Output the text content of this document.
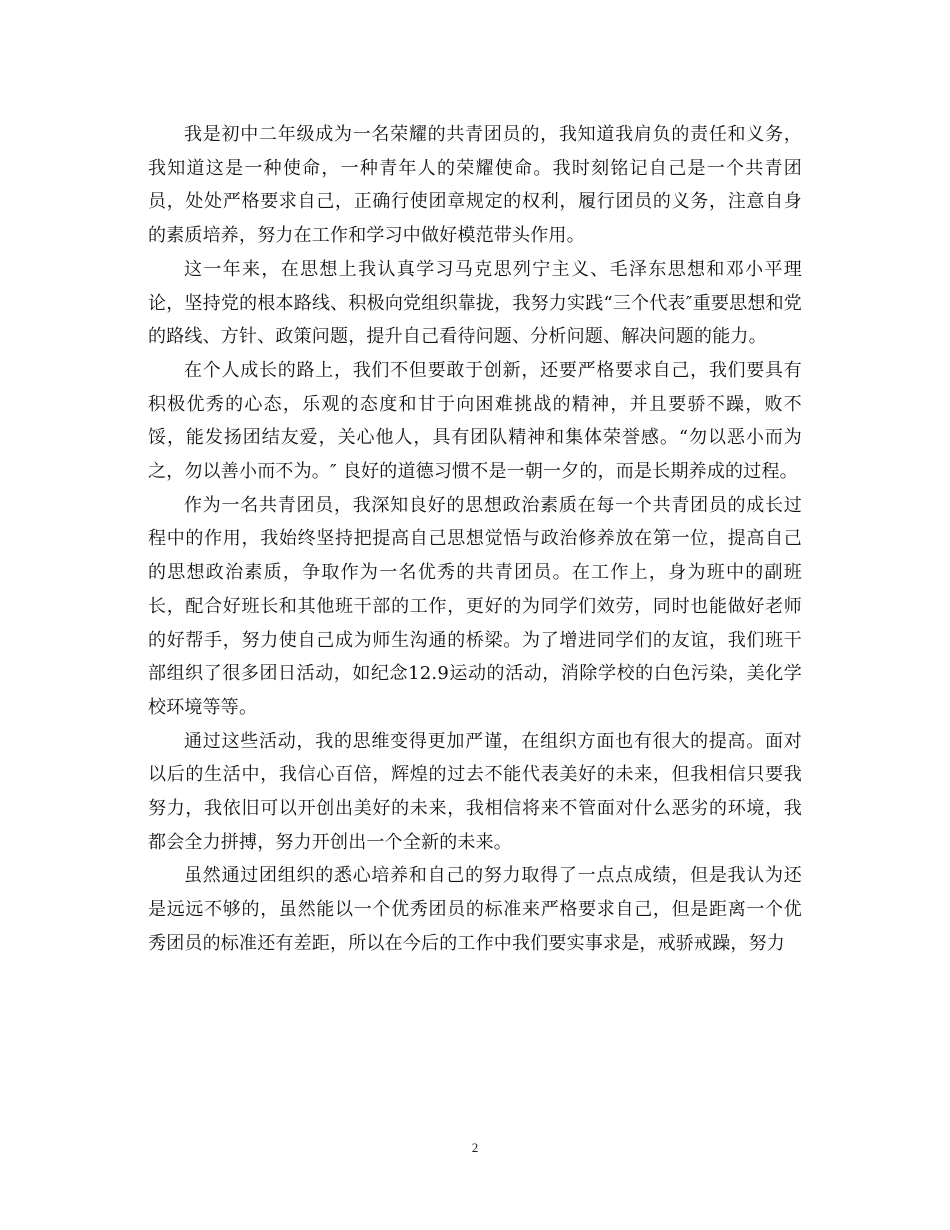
我是初中二年级成为一名荣耀的共青团员的，我知道我肩负的责任和义务，我知道这是一种使命，一种青年人的荣耀使命。我时刻铭记自己是一个共青团员，处处严格要求自己，正确行使团章规定的权利，履行团员的义务，注意自身的素质培养，努力在工作和学习中做好模范带头作用。

这一年来，在思想上我认真学习马克思列宁主义、毛泽东思想和邓小平理论，坚持党的根本路线、积极向党组织靠拢，我努力实践“三个代表″重要思想和党的路线、方针、政策问题，提升自己看待问题、分析问题、解决问题的能力。

在个人成长的路上，我们不但要敢于创新，还要严格要求自己，我们要具有积极优秀的心态，乐观的态度和甘于向困难挑战的精神，并且要骄不躁，败不馁，能发扬团结友爱，关心他人，具有团队精神和集体荣誉感。“勿以恶小而为之，勿以善小而不为。″ 良好的道德习惯不是一朝一夕的，而是长期养成的过程。

作为一名共青团员，我深知良好的思想政治素质在每一个共青团员的成长过程中的作用，我始终坚持把提高自己思想觉悟与政治修养放在第一位，提高自己的思想政治素质，争取作为一名优秀的共青团员。在工作上，身为班中的副班长，配合好班长和其他班干部的工作，更好的为同学们效劳，同时也能做好老师的好帮手，努力使自己成为师生沟通的桥梁。为了增进同学们的友谊，我们班干部组织了很多团日活动，如纪念12.9运动的活动，消除学校的白色污染，美化学校环境等等。

通过这些活动，我的思维变得更加严谨，在组织方面也有很大的提高。面对以后的生活中，我信心百倍，辉煌的过去不能代表美好的未来，但我相信只要我努力，我依旧可以开创出美好的未来，我相信将来不管面对什么恶劣的环境，我都会全力拼搏，努力开创出一个全新的未来。

虽然通过团组织的悉心培养和自己的努力取得了一点点成绩，但是我认为还是远远不够的，虽然能以一个优秀团员的标准来严格要求自己，但是距离一个优秀团员的标准还有差距，所以在今后的工作中我们要实事求是，戒骄戒躁，努力

2
